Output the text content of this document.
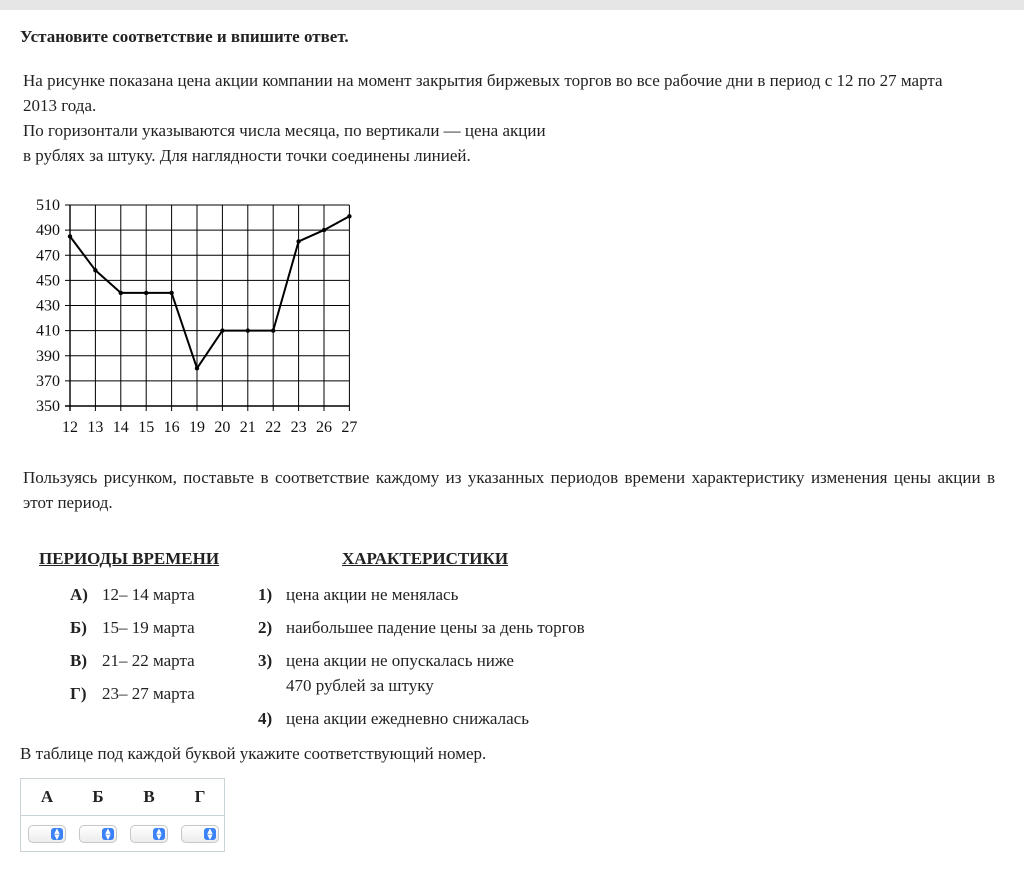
Установите соответствие и впишите ответ.
На рисунке показана цена акции компании на момент закрытия биржевых торгов во все рабочие дни в период с 12 по 27 марта
2013 года.
По горизонтали указываются числа месяца, по вертикали — цена акции
в рублях за штуку. Для наглядности точки соединены линией.
510
490
470
450
430
410
390
370
350
12 13 14 15 16 19 20 21 22 23 26 27
Пользуясь рисунком, поставьте в соответствие каждому из указанных периодов времени характеристику изменения цены акции в этот период.
ПЕРИОДЫ ВРЕМЕНИ	ХАРАКТЕРИСТИКИ
А) 12– 14 марта
Б) 15– 19 марта
В) 21– 22 марта
Г) 23– 27 марта
1) цена акции не менялась
2) наибольшее падение цены за день торгов
3) цена акции не опускалась ниже
470 рублей за штуку
4) цена акции ежедневно снижалась
В таблице под каждой буквой укажите соответствующий номер.
А	Б	В	Г
▲
▼
▲
▼
▲
▼
▲
▼
